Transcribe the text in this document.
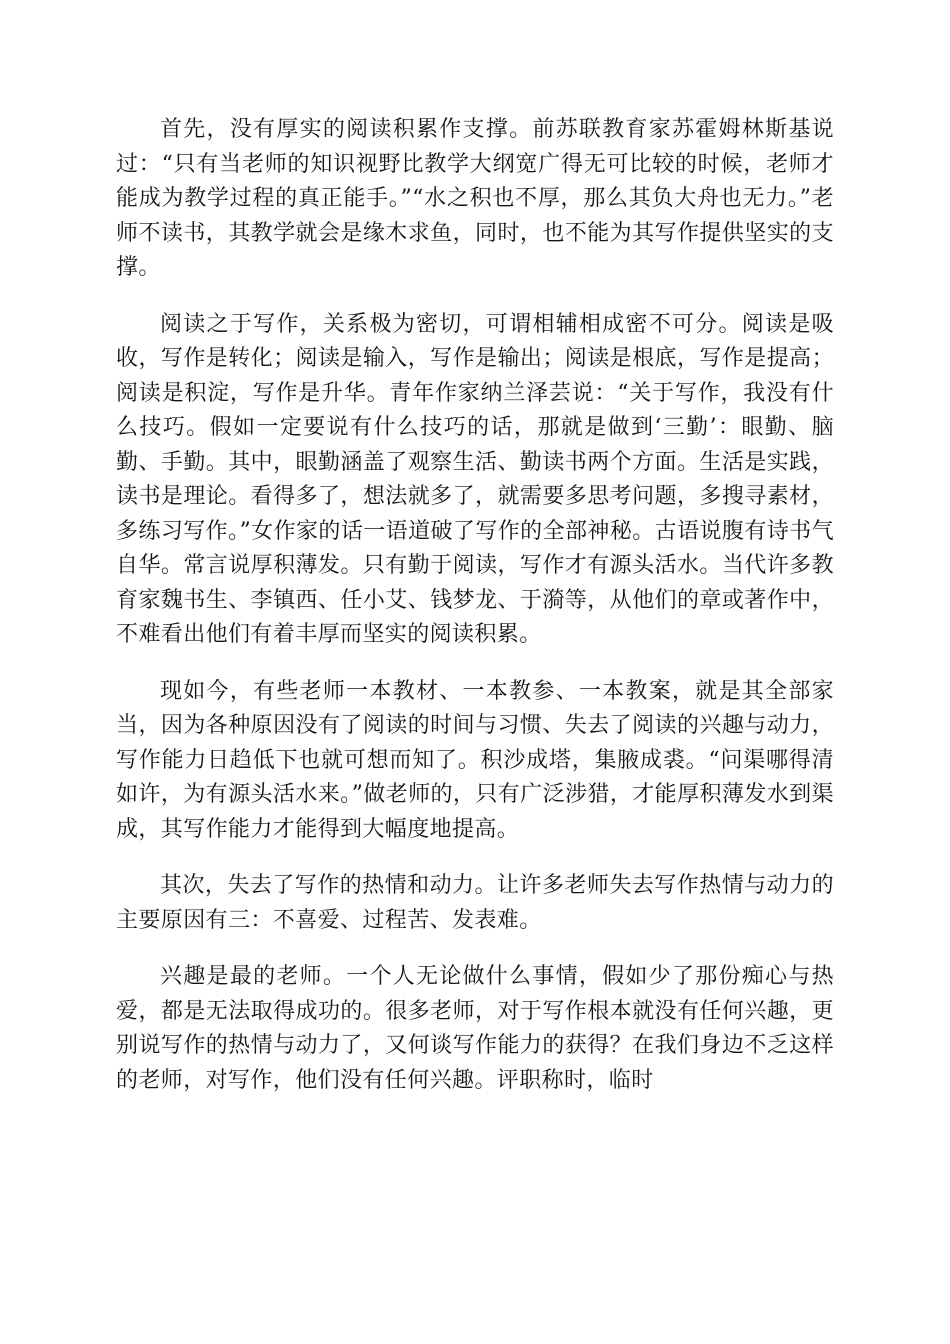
首先，没有厚实的阅读积累作支撑。前苏联教育家苏霍姆林斯基说过：“只有当老师的知识视野比教学大纲宽广得无可比较的时候，老师才能成为教学过程的真正能手。”“水之积也不厚，那么其负大舟也无力。”老师不读书，其教学就会是缘木求鱼，同时，也不能为其写作提供坚实的支撑。

阅读之于写作，关系极为密切，可谓相辅相成密不可分。阅读是吸收，写作是转化；阅读是输入，写作是输出；阅读是根底，写作是提高；阅读是积淀，写作是升华。青年作家纳兰泽芸说：“关于写作，我没有什么技巧。假如一定要说有什么技巧的话，那就是做到‘三勤’：眼勤、脑勤、手勤。其中，眼勤涵盖了观察生活、勤读书两个方面。生活是实践，读书是理论。看得多了，想法就多了，就需要多思考问题，多搜寻素材，多练习写作。”女作家的话一语道破了写作的全部神秘。古语说腹有诗书气自华。常言说厚积薄发。只有勤于阅读，写作才有源头活水。当代许多教育家魏书生、李镇西、任小艾、钱梦龙、于漪等，从他们的章或著作中，不难看出他们有着丰厚而坚实的阅读积累。

现如今，有些老师一本教材、一本教参、一本教案，就是其全部家当，因为各种原因没有了阅读的时间与习惯、失去了阅读的兴趣与动力，写作能力日趋低下也就可想而知了。积沙成塔，集腋成裘。“问渠哪得清如许，为有源头活水来。”做老师的，只有广泛涉猎，才能厚积薄发水到渠成，其写作能力才能得到大幅度地提高。

其次，失去了写作的热情和动力。让许多老师失去写作热情与动力的主要原因有三：不喜爱、过程苦、发表难。

兴趣是最的老师。一个人无论做什么事情，假如少了那份痴心与热爱，都是无法取得成功的。很多老师，对于写作根本就没有任何兴趣，更别说写作的热情与动力了，又何谈写作能力的获得？在我们身边不乏这样的老师，对写作，他们没有任何兴趣。评职称时，临时
